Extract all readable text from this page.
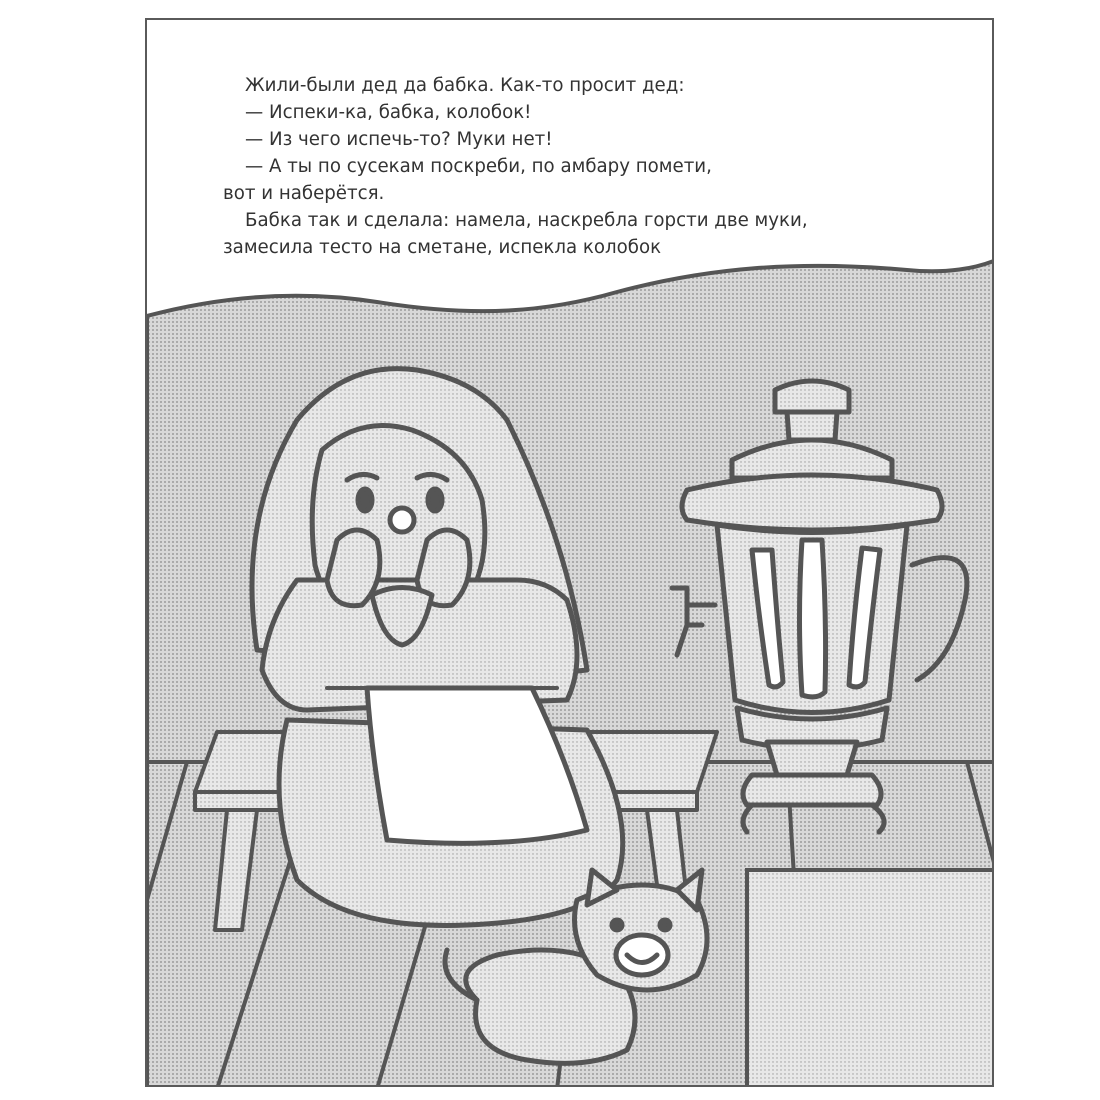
Жили-были дед да бабка. Как-то просит дед:
— Испеки-ка, бабка, колобок!
— Из чего испечь-то? Муки нет!
— А ты по сусекам поскреби, по амбару помети,
вот и наберётся.
Бабка так и сделала: намела, наскребла горсти две муки,
замесила тесто на сметане, испекла колобок
